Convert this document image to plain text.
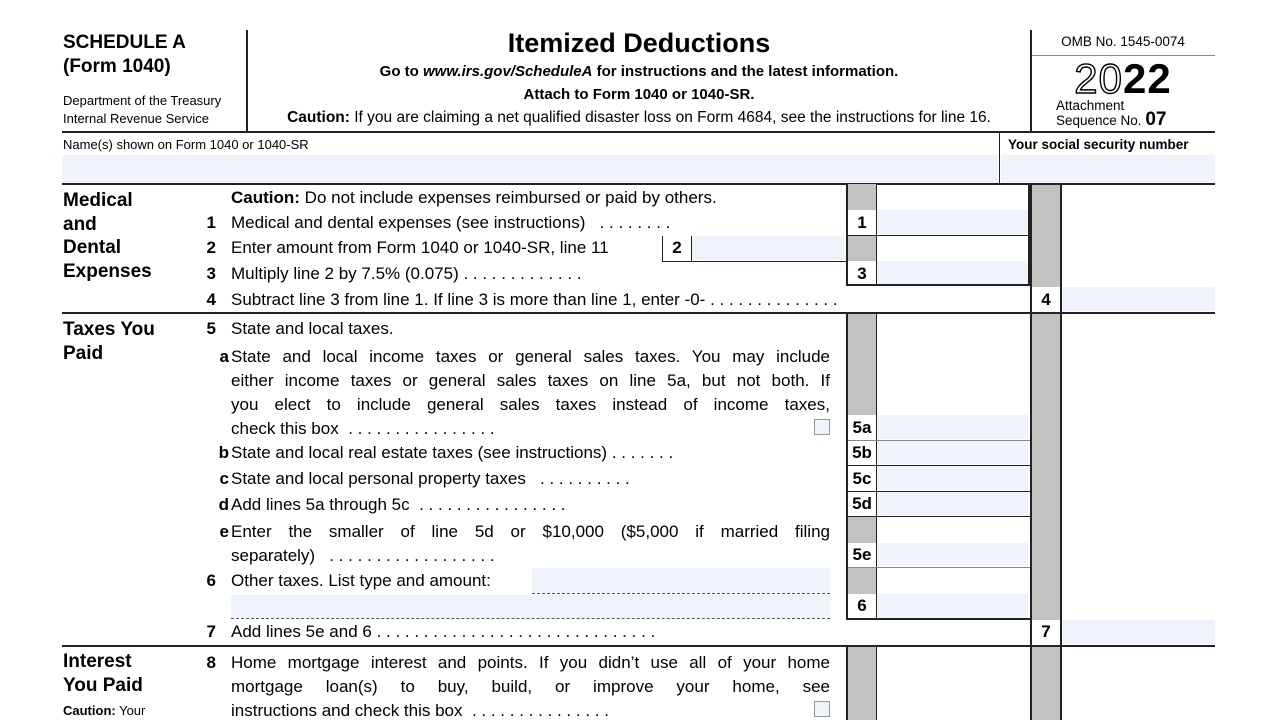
SCHEDULE A
(Form 1040)
Department of the Treasury
Internal Revenue Service
Itemized Deductions
Go to www.irs.gov/ScheduleA for instructions and the latest information.
Attach to Form 1040 or 1040-SR.
Caution: If you are claiming a net qualified disaster loss on Form 4684, see the instructions for line 16.
OMB No. 1545-0074
2022
Attachment
Sequence No. 07
Name(s) shown on Form 1040 or 1040-SR	Your social security number
Medical
and
Dental
Expenses
Caution: Do not include expenses reimbursed or paid by others.
1 Medical and dental expenses (see instructions) . . . . . . . .	1
2 Enter amount from Form 1040 or 1040-SR, line 11	2
3 Multiply line 2 by 7.5% (0.075) . . . . . . . . . . . . .	3
4 Subtract line 3 from line 1. If line 3 is more than line 1, enter -0- . . . . . . . . . . . . . .	4
Taxes You
Paid
5 State and local taxes.
a State and local income taxes or general sales taxes. You may include
either income taxes or general sales taxes on line 5a, but not both. If
you elect to include general sales taxes instead of income taxes,
check this box . . . . . . . . . . . . . . . .	5a
b State and local real estate taxes (see instructions) . . . . . . .	5b
c State and local personal property taxes . . . . . . . . . .	5c
d Add lines 5a through 5c . . . . . . . . . . . . . . . .	5d
e Enter the smaller of line 5d or $10,000 ($5,000 if married filing
separately) . . . . . . . . . . . . . . . . . .	5e
6 Other taxes. List type and amount:
6
7 Add lines 5e and 6 . . . . . . . . . . . . . . . . . . . . . . . . . . . . . .	7
Interest
You Paid
Caution: Your
8 Home mortgage interest and points. If you didn’t use all of your home
mortgage loan(s) to buy, build, or improve your home, see
instructions and check this box . . . . . . . . . . . . . . .
